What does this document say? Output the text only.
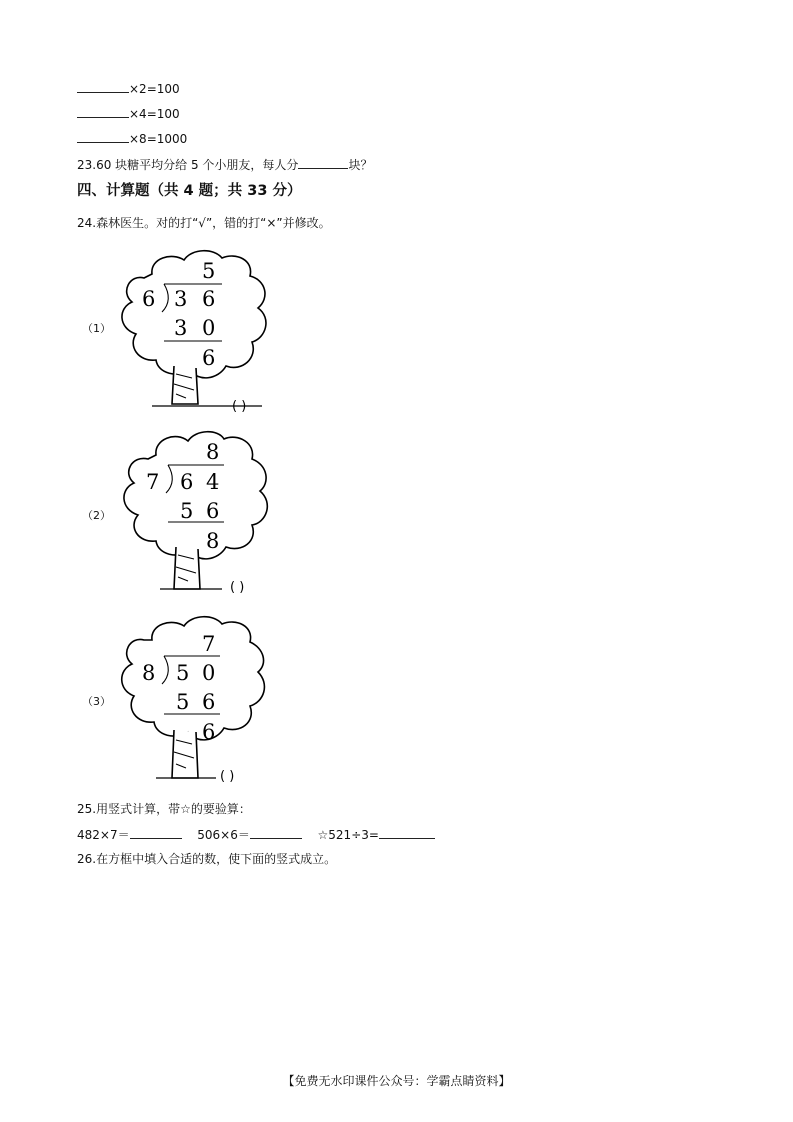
×2=100
×4=100
×8=1000
23.60 块糖平均分给 5 个小朋友，每人分	块？
四、计算题（共 4 题；共 33 分）
24.森林医生。对的打“√”，错的打“×”并修改。
（1）
5
6 3 6
3 0
6
( )
（2）
8
7 6 4
5 6
8
( )
（3）
7
8 5 0
5 6
6
( )
25.用竖式计算，带☆的要验算：
482×7＝	506×6＝	☆521÷3=
26.在方框中填入合适的数，使下面的竖式成立。
【免费无水印课件公众号：学霸点睛资料】
